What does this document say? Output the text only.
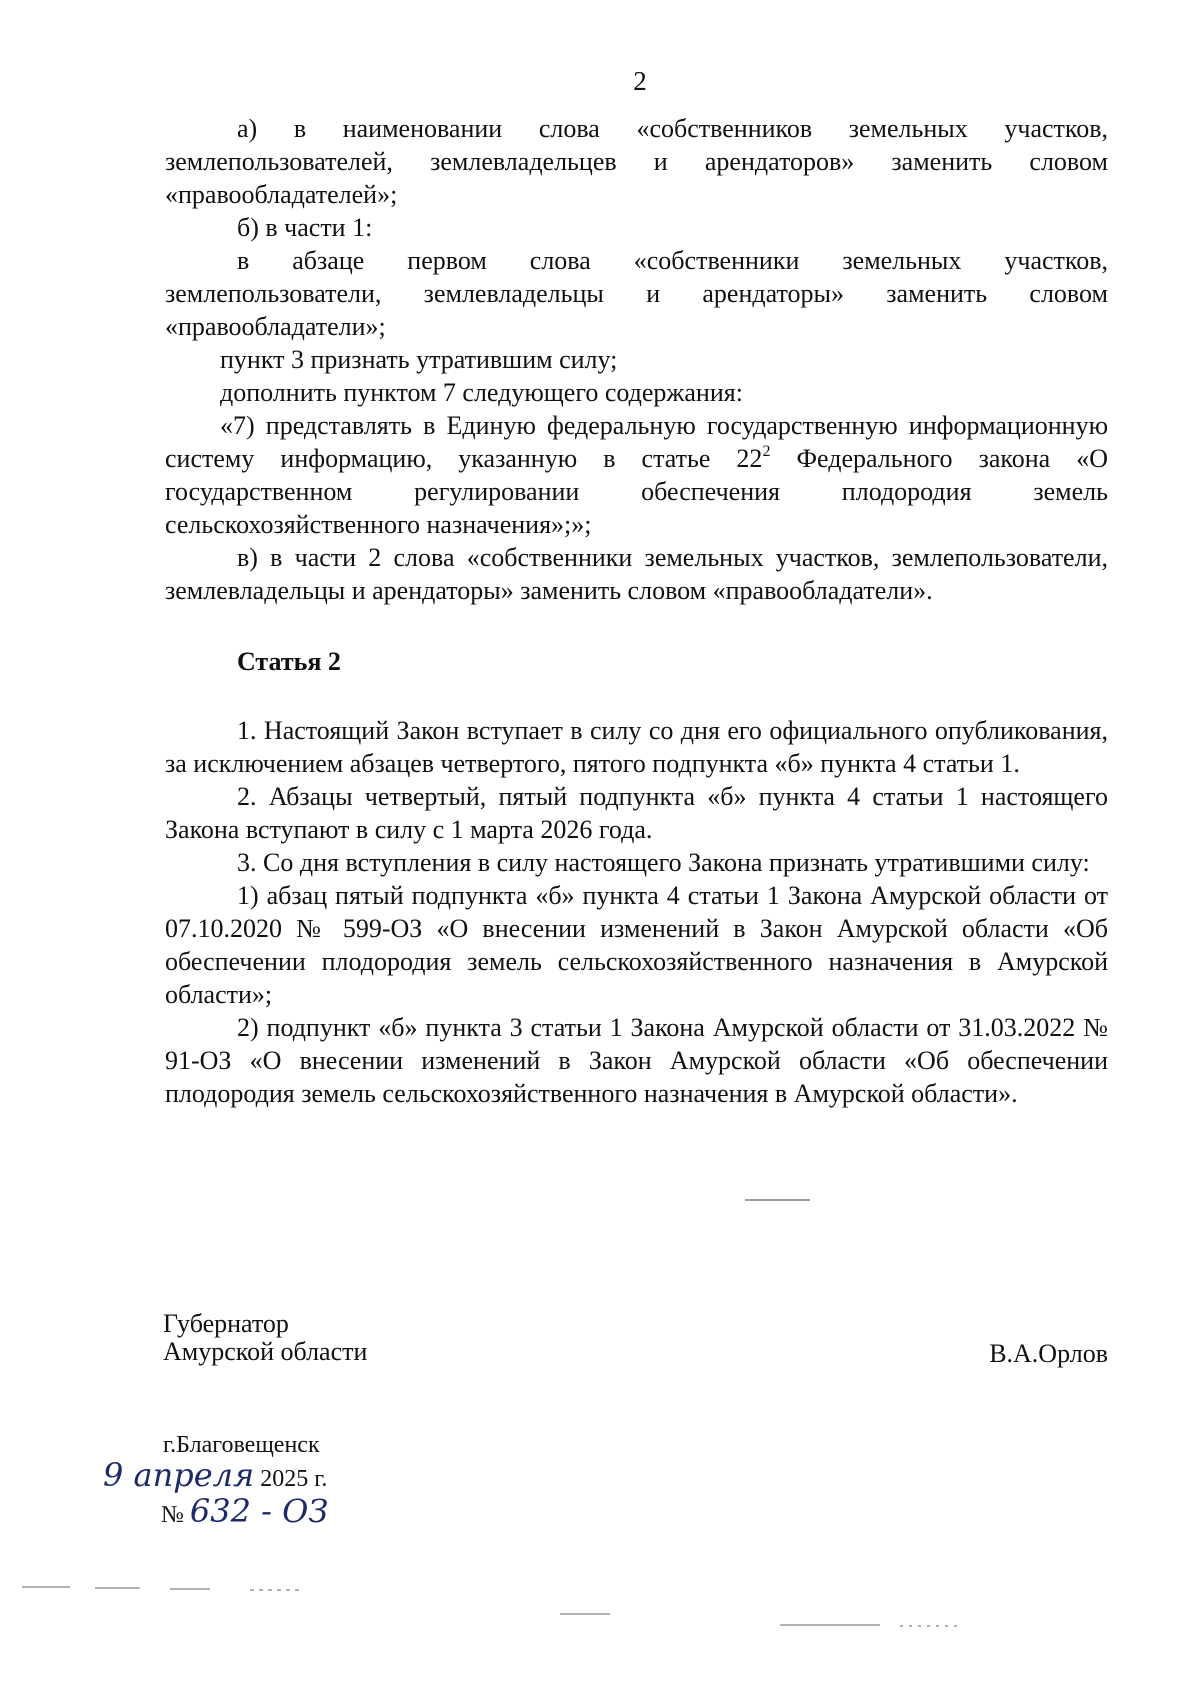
2

а) в наименовании слова «собственников земельных участков, землепользователей, землевладельцев и арендаторов» заменить словом «правообладателей»;

б) в части 1:

в абзаце первом слова «собственники земельных участков, землепользователи, землевладельцы и арендаторы» заменить словом «правообладатели»;

пункт 3 признать утратившим силу;

дополнить пунктом 7 следующего содержания:

«7) представлять в Единую федеральную государственную информационную систему информацию, указанную в статье $22^2$ Федерального закона «О государственном регулировании обеспечения плодородия земель сельскохозяйственного назначения»;»;

в) в части 2 слова «собственники земельных участков, землепользователи, землевладельцы и арендаторы» заменить словом «правообладатели».

Статья 2

1. Настоящий Закон вступает в силу со дня его официального опубликования, за исключением абзацев четвертого, пятого подпункта «б» пункта 4 статьи 1.

2. Абзацы четвертый, пятый подпункта «б» пункта 4 статьи 1 настоящего Закона вступают в силу с 1 марта 2026 года.

3. Со дня вступления в силу настоящего Закона признать утратившими силу:

1) абзац пятый подпункта «б» пункта 4 статьи 1 Закона Амурской области от 07.10.2020 № 599-ОЗ «О внесении изменений в Закон Амурской области «Об обеспечении плодородия земель сельскохозяйственного назначения в Амурской области»;

2) подпункт «б» пункта 3 статьи 1 Закона Амурской области от 31.03.2022 № 91-ОЗ «О внесении изменений в Закон Амурской области «Об обеспечении плодородия земель сельскохозяйственного назначения в Амурской области».

Губернатор
Амурской области	В.А.Орлов
г.Благовещенск
9 апреля 2025 г.
№ 632 - ОЗ
